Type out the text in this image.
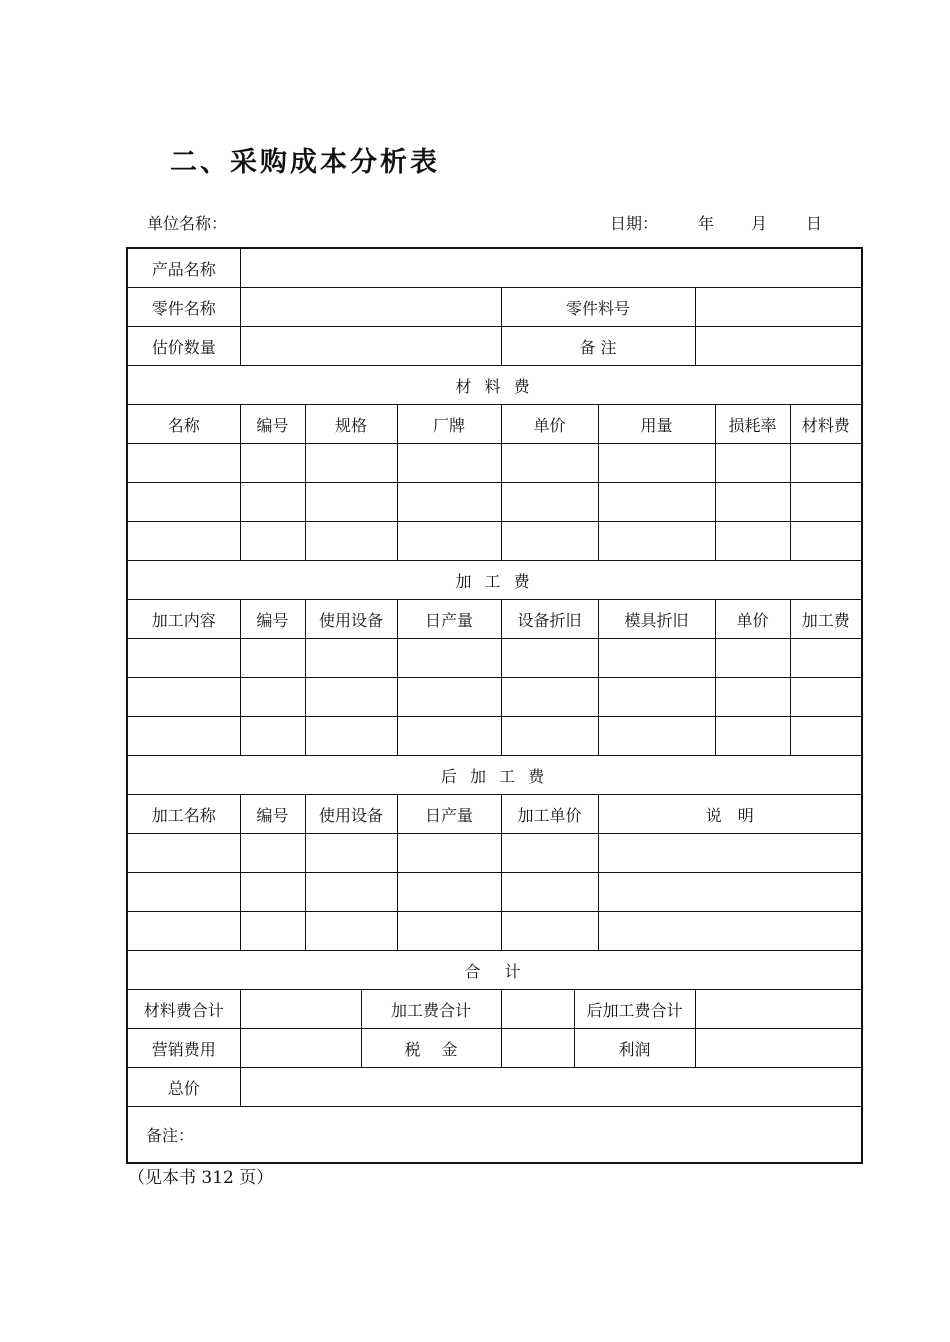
二、采购成本分析表
单位名称：	日期： 年 月 日
产品名称										
零件名称					零件料号					
估价数量					备 注					
材 料 费										
名称	编号	规格		厂牌	单价		用量		损耗率	材料费

加 工 费										
加工内容	编号	使用设备		日产量	设备折旧		模具折旧		单价	加工费

后 加 工 费										
加工名称	编号	使用设备		日产量	加工单价		说　明			

合　计										
材料费合计			加工费合计			后加工费合计				
营销费用			税　 金			利润				
总价										
备注：										
（见本书 312 页）
